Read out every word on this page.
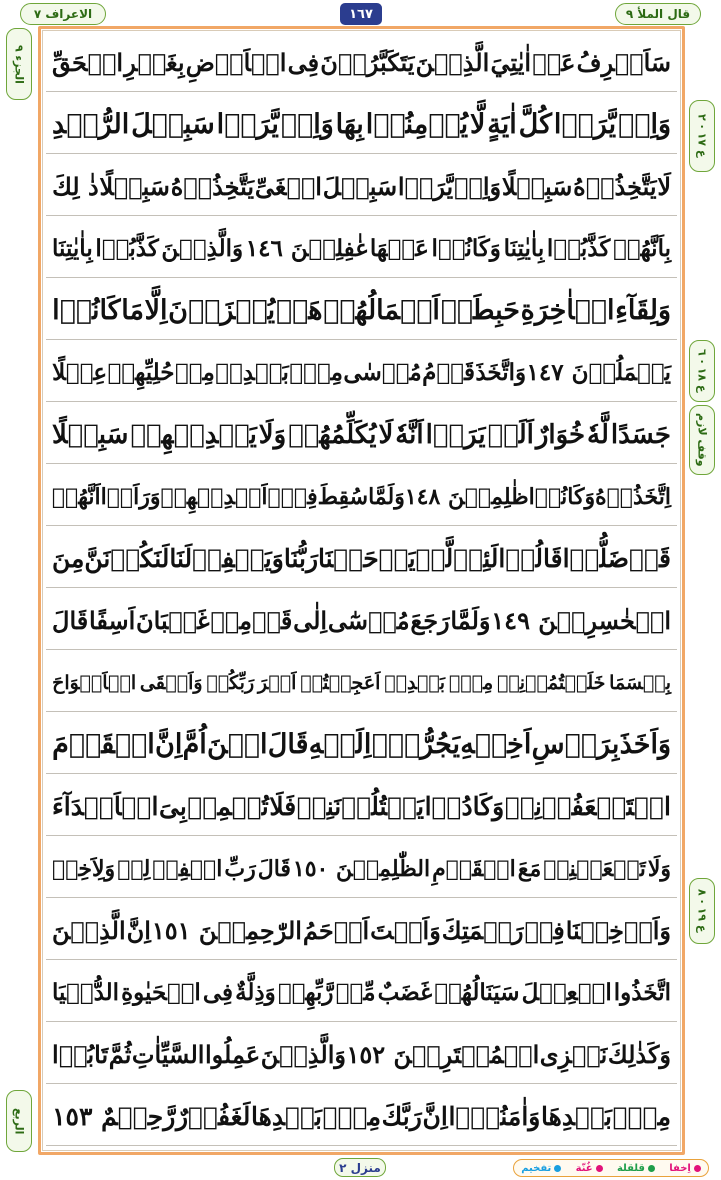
الاعراف ٧	١٦٧	قال الملأ ٩
الجزء ٩
ع ١٧ · ٢
ع ١٨ · ٦
وقف لازم
ع ١٩ · ٨
الربع
سَاَصۡرِفُ
عَنۡ
اٰيٰتِيَ
الَّذِيۡنَ
يَتَكَبَّرُوۡنَ
فِى
الۡاَرۡضِ
بِغَيۡرِ
الۡحَقِّ
وَاِنۡ
يَّرَوۡا
كُلَّ
اٰيَةٍ
لَّا
يُؤۡمِنُوۡا
بِهَا
وَاِنۡ
يَّرَوۡا
سَبِيۡلَ
الرُّشۡدِ
لَا
يَتَّخِذُوۡهُ
سَبِيۡلًا
وَاِنۡ
يَّرَوۡا
سَبِيۡلَ
الۡغَىِّ
يَتَّخِذُوۡهُ
سَبِيۡلًا
ذٰ لِكَ
بِاَنَّهُمۡ
كَذَّبُوۡا
بِاٰيٰتِنَا
وَكَانُوۡا
عَنۡهَا
غٰفِلِيۡنَ ١٤٦
وَالَّذِيۡنَ
كَذَّبُوۡا
بِاٰيٰتِنَا
وَلِقَآءِ
الۡاٰخِرَةِ
حَبِطَتۡ
اَعۡمَالُهُمۡ
هَلۡ
يُجۡزَوۡنَ
اِلَّا
مَا
كَانُوۡا
يَعۡمَلُوۡنَ ١٤٧
وَاتَّخَذَ
قَوۡمُ
مُوۡسٰى
مِنۡۢ
بَعۡدِهٖ
مِنۡ
حُلِيِّهِمۡ
عِجۡلًا
جَسَدًا
لَّهٗ
خُوَارٌ
اَلَمۡ
يَرَوۡا
اَنَّهٗ
لَا
يُكَلِّمُهُمۡ
وَلَا
يَهۡدِيۡهِمۡ
سَبِيۡلًا
اِتَّخَذُوۡهُ
وَكَانُوۡا
ظٰلِمِيۡنَ ١٤٨
وَلَمَّا
سُقِطَ
فِىۡۤ
اَيۡدِيۡهِمۡ
وَرَاَوۡا
اَنَّهُمۡ
قَدۡ
ضَلُّوۡا
قَالُوۡا
لَئِنۡ
لَّمۡ
يَرۡحَمۡنَا
رَبُّنَا
وَيَغۡفِرۡ
لَنَا
لَنَكُوۡنَنَّ
مِنَ
الۡخٰسِرِيۡنَ ١٤٩
وَلَمَّا
رَجَعَ
مُوۡسٰٓى
اِلٰى
قَوۡمِهٖ
غَضۡبَانَ
اَسِفًا
قَالَ
بِئۡسَمَا
خَلَفۡتُمُوۡنِىۡ
مِنۡۢ
بَعۡدِىۡ
اَعَجِلۡتُمۡ
اَمۡرَ
رَبِّكُمۡ
وَاَلۡقَى
الۡاَلۡوَاحَ
وَاَخَذَ
بِرَاۡسِ
اَخِيۡهِ
يَجُرُّهٗۤ
اِلَيۡهِ
قَالَ
ابۡنَ
اُمَّ
اِنَّ
الۡقَوۡمَ
اسۡتَضۡعَفُوۡنِىۡ
وَكَادُوۡا
يَقۡتُلُوۡنَنِىۡ
فَلَا
تُشۡمِتۡ
بِىَ
الۡاَعۡدَآءَ
وَلَا
تَجۡعَلۡنِىۡ
مَعَ
الۡقَوۡمِ
الظّٰلِمِيۡنَ ١٥٠
قَالَ
رَبِّ
اغۡفِرۡ
لِىۡ
وَلِاَخِىۡ
وَاَدۡخِلۡنَا
فِىۡ
رَحۡمَتِكَ
وَاَنۡتَ
اَرۡحَمُ
الرّٰحِمِيۡنَ ١٥١
اِنَّ
الَّذِيۡنَ
اتَّخَذُوا
الۡعِجۡلَ
سَيَنَالُهُمۡ
غَضَبٌ
مِّنۡ
رَّبِّهِمۡ
وَذِلَّةٌ
فِى
الۡحَيٰوةِ
الدُّنۡيَا
وَكَذٰلِكَ
نَجۡزِى
الۡمُفۡتَرِيۡنَ ١٥٢
وَالَّذِيۡنَ
عَمِلُوا
السَّيِّاٰتِ
ثُمَّ
تَابُوۡا
مِنۡۢ
بَعۡدِهَا
وَاٰمَنُوۡۤا
اِنَّ
رَبَّكَ
مِنۡۢ
بَعۡدِهَا
لَغَفُوۡرٌ
رَّحِيۡمٌ ١٥٣
منزل ٢	اِخفا
قلقلة
غُنّة
تفخيم
